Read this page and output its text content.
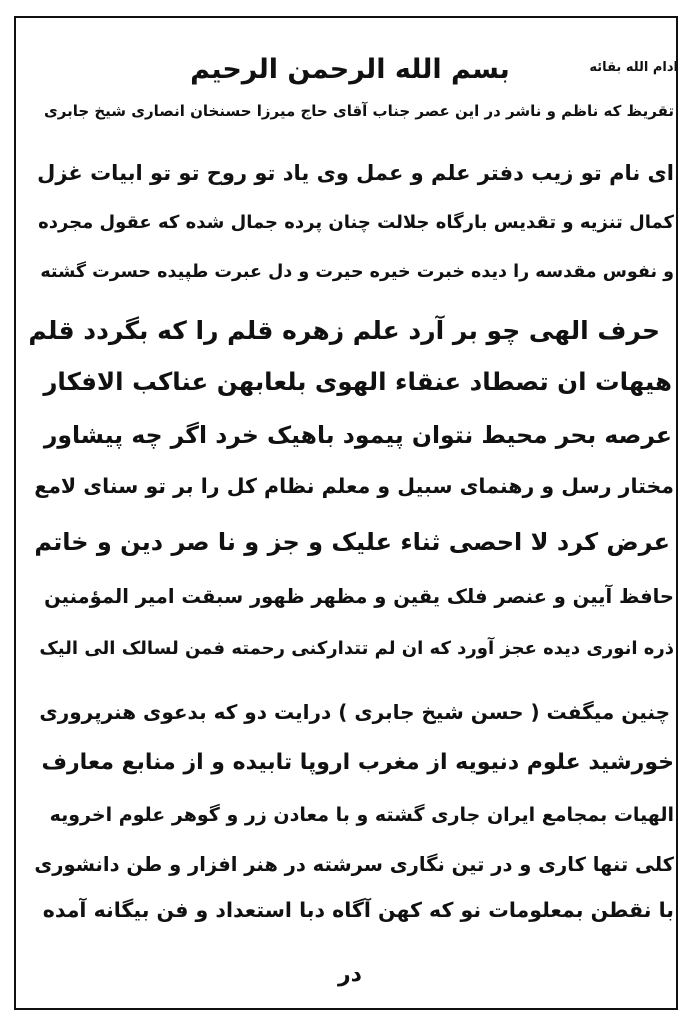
بسم الله الرحمن الرحيم	ادام الله بقائه
تقریظ که ناظم و ناشر در این عصر جناب آقای حاج میرزا حسنخان انصاری شیخ جابری
ای نام تو زیب دفتر علم و عمل وی یاد تو روح تو تو ابیات غزل
کمال تنزیه و تقدیس بارگاه جلالت چنان پرده جمال شده که عقول مجرده
و نفوس مقدسه را دیده خبرت خیره حیرت و دل عبرت طپیده حسرت گشته
حرف الهی چو بر آرد علم زهره قلم را که بگردد قلم
هیهات ان تصطاد عنقاء الهوی بلعابهن عناکب الافکار
عرصه بحر محیط نتوان پیمود باهیک خرد اگر چه پیشاور
مختار رسل و رهنمای سبیل و معلم نظام کل را بر تو سنای لامع
عرض کرد لا احصی ثناء علیک و جز و نا صر دین و خاتم
حافظ آیین و عنصر فلک یقین و مظهر ظهور سبقت امیر المؤمنین
ذره انوری دیده عجز آورد که ان لم تتدارکنی رحمته فمن لسالک الی الیک
چنین میگفت ( حسن شیخ جابری ) درایت دو که بدعوی هنرپروری
خورشید علوم دنیویه از مغرب اروپا تابیده و از منابع معارف
الهیات بمجامع ایران جاری گشته و با معادن زر و گوهر علوم اخرویه
کلی تنها کاری و در تین نگاری سرشته در هنر افزار و طن دانشوری
با نقطن بمعلومات نو که کهن آگاه دبا استعداد و فن بیگانه آمده
در
